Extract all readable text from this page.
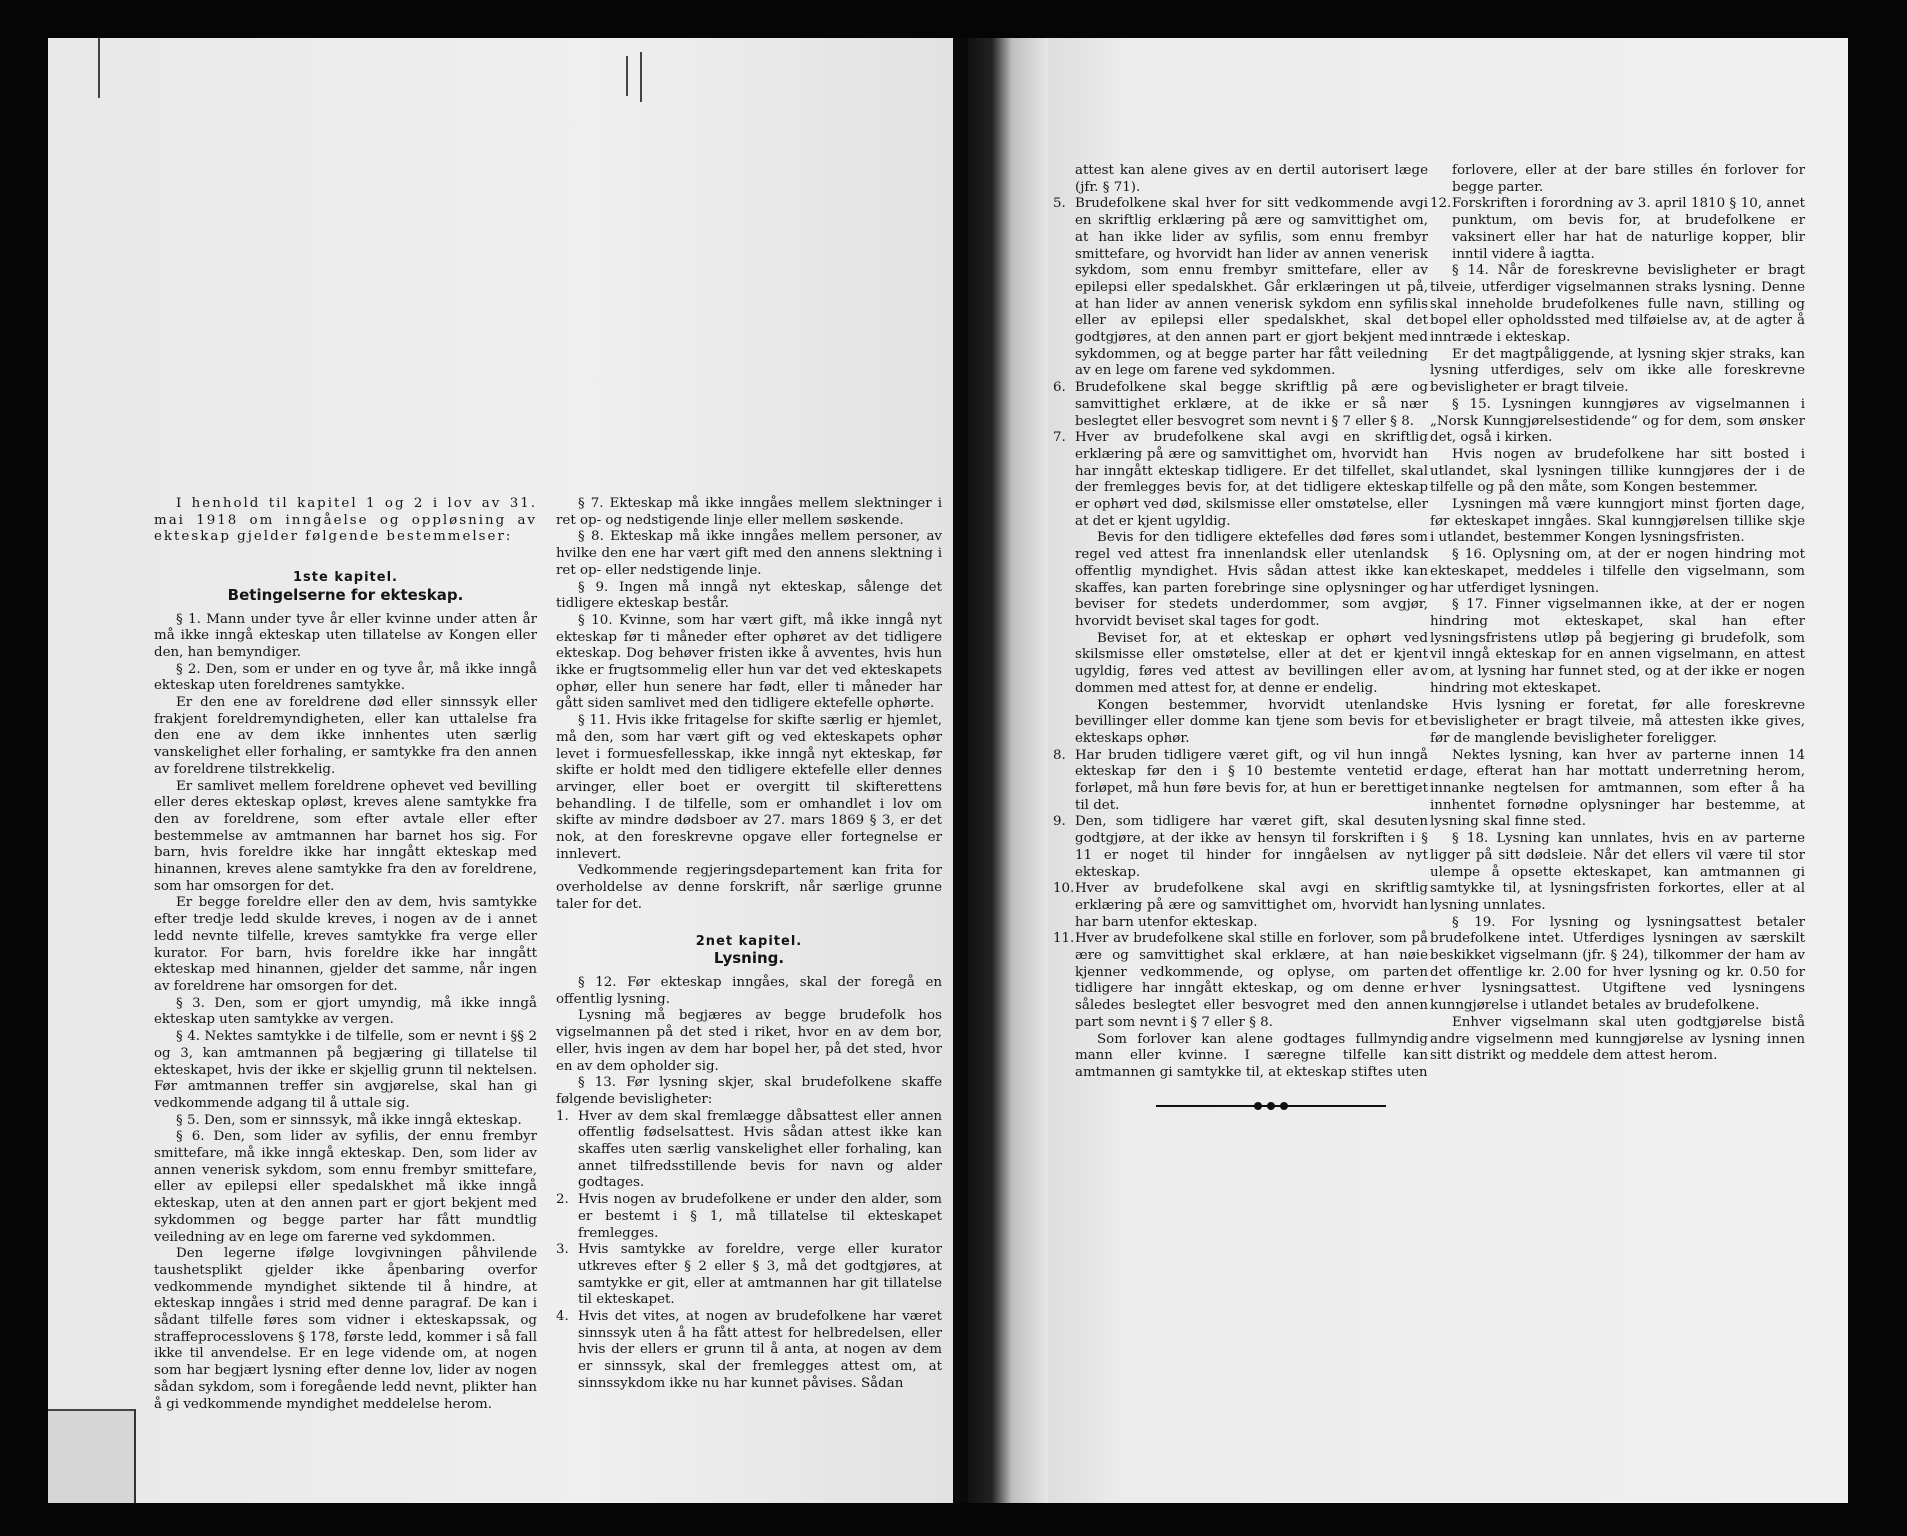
I henhold til kapitel 1 og 2 i lov av 31. mai 1918 om inngåelse og oppløsning av ekteskap gjelder følgende bestemmelser:

1ste kapitel.
Betingelserne for ekteskap.

§ 1. Mann under tyve år eller kvinne under atten år må ikke inngå ekteskap uten tillatelse av Kongen eller den, han bemyndiger.

§ 2. Den, som er under en og tyve år, må ikke inngå ekteskap uten foreldrenes samtykke.

Er den ene av foreldrene død eller sinnssyk eller frakjent foreldremyndigheten, eller kan uttalelse fra den ene av dem ikke innhentes uten særlig vanskelighet eller forhaling, er samtykke fra den annen av foreldrene tilstrekkelig.

Er samlivet mellem foreldrene ophevet ved bevilling eller deres ekteskap opløst, kreves alene samtykke fra den av foreldrene, som efter avtale eller efter bestemmelse av amtmannen har barnet hos sig. For barn, hvis foreldre ikke har inngått ekteskap med hinannen, kreves alene samtykke fra den av foreldrene, som har omsorgen for det.

Er begge foreldre eller den av dem, hvis samtykke efter tredje ledd skulde kreves, i nogen av de i annet ledd nevnte tilfelle, kreves samtykke fra verge eller kurator. For barn, hvis foreldre ikke har inngått ekteskap med hinannen, gjelder det samme, når ingen av foreldrene har omsorgen for det.

§ 3. Den, som er gjort umyndig, må ikke inngå ekteskap uten samtykke av vergen.

§ 4. Nektes samtykke i de tilfelle, som er nevnt i §§ 2 og 3, kan amtmannen på begjæring gi tillatelse til ekteskapet, hvis der ikke er skjellig grunn til nektelsen. Før amtmannen treffer sin avgjørelse, skal han gi vedkommende adgang til å uttale sig.

§ 5. Den, som er sinnssyk, må ikke inngå ekteskap.

§ 6. Den, som lider av syfilis, der ennu frembyr smittefare, må ikke inngå ekteskap. Den, som lider av annen venerisk sykdom, som ennu frembyr smittefare, eller av epilepsi eller spedalskhet må ikke inngå ekteskap, uten at den annen part er gjort bekjent med sykdommen og begge parter har fått mundtlig veiledning av en lege om farerne ved sykdommen.

Den legerne ifølge lovgivningen påhvilende taushetsplikt gjelder ikke åpenbaring overfor vedkommende myndighet siktende til å hindre, at ekteskap inngåes i strid med denne paragraf. De kan i sådant tilfelle føres som vidner i ekteskapssak, og straffeprocesslovens § 178, første ledd, kommer i så fall ikke til anvendelse. Er en lege vidende om, at nogen som har begjært lysning efter denne lov, lider av nogen sådan sykdom, som i foregående ledd nevnt, plikter han å gi vedkommende myndighet meddelelse herom.

§ 7. Ekteskap må ikke inngåes mellem slektninger i ret op- og nedstigende linje eller mellem søskende.

§ 8. Ekteskap må ikke inngåes mellem personer, av hvilke den ene har vært gift med den annens slektning i ret op- eller nedstigende linje.

§ 9. Ingen må inngå nyt ekteskap, sålenge det tidligere ekteskap består.

§ 10. Kvinne, som har vært gift, må ikke inngå nyt ekteskap før ti måneder efter ophøret av det tidligere ekteskap. Dog behøver fristen ikke å avventes, hvis hun ikke er frugtsommelig eller hun var det ved ekteskapets ophør, eller hun senere har født, eller ti måneder har gått siden samlivet med den tidligere ektefelle ophørte.

§ 11. Hvis ikke fritagelse for skifte særlig er hjemlet, må den, som har vært gift og ved ekteskapets ophør levet i formuesfellesskap, ikke inngå nyt ekteskap, før skifte er holdt med den tidligere ektefelle eller dennes arvinger, eller boet er overgitt til skifterettens behandling. I de tilfelle, som er omhandlet i lov om skifte av mindre dødsboer av 27. mars 1869 § 3, er det nok, at den foreskrevne opgave eller fortegnelse er innlevert.

Vedkommende regjeringsdepartement kan frita for overholdelse av denne forskrift, når særlige grunne taler for det.

2net kapitel.
Lysning.

§ 12. Før ekteskap inngåes, skal der foregå en offentlig lysning.

Lysning må begjæres av begge brudefolk hos vigselmannen på det sted i riket, hvor en av dem bor, eller, hvis ingen av dem har bopel her, på det sted, hvor en av dem opholder sig.

§ 13. Før lysning skjer, skal brudefolkene skaffe følgende bevisligheter:

1. Hver av dem skal fremlægge dåbsattest eller annen offentlig fødselsattest. Hvis sådan attest ikke kan skaffes uten særlig vanskelighet eller forhaling, kan annet tilfredsstillende bevis for navn og alder godtages.
2. Hvis nogen av brudefolkene er under den alder, som er bestemt i § 1, må tillatelse til ekteskapet fremlegges.
3. Hvis samtykke av foreldre, verge eller kurator utkreves efter § 2 eller § 3, må det godtgjøres, at samtykke er git, eller at amtmannen har git tillatelse til ekteskapet.
4. Hvis det vites, at nogen av brudefolkene har været sinnssyk uten å ha fått attest for helbredelsen, eller hvis der ellers er grunn til å anta, at nogen av dem er sinnssyk, skal der fremlegges attest om, at sinnssykdom ikke nu har kunnet påvises. Sådan

attest kan alene gives av en dertil autorisert læge (jfr. § 71).

5. Brudefolkene skal hver for sitt vedkommende avgi en skriftlig erklæring på ære og samvittighet om, at han ikke lider av syfilis, som ennu frembyr smittefare, og hvorvidt han lider av annen venerisk sykdom, som ennu frembyr smittefare, eller av epilepsi eller spedalskhet. Går erklæringen ut på, at han lider av annen venerisk sykdom enn syfilis eller av epilepsi eller spedalskhet, skal det godtgjøres, at den annen part er gjort bekjent med sykdommen, og at begge parter har fått veiledning av en lege om farene ved sykdommen.
6. Brudefolkene skal begge skriftlig på ære og samvittighet erklære, at de ikke er så nær beslegtet eller besvogret som nevnt i § 7 eller § 8.
7. Hver av brudefolkene skal avgi en skriftlig erklæring på ære og samvittighet om, hvorvidt han har inngått ekteskap tidligere. Er det tilfellet, skal der fremlegges bevis for, at det tidligere ekteskap er ophørt ved død, skilsmisse eller omstøtelse, eller at det er kjent ugyldig.

Bevis for den tidligere ektefelles død føres som regel ved attest fra innenlandsk eller utenlandsk offentlig myndighet. Hvis sådan attest ikke kan skaffes, kan parten forebringe sine oplysninger og beviser for stedets underdommer, som avgjør, hvorvidt beviset skal tages for godt.

Beviset for, at et ekteskap er ophørt ved skilsmisse eller omstøtelse, eller at det er kjent ugyldig, føres ved attest av bevillingen eller av dommen med attest for, at denne er endelig.

Kongen bestemmer, hvorvidt utenlandske bevillinger eller domme kan tjene som bevis for et ekteskaps ophør.

8. Har bruden tidligere været gift, og vil hun inngå ekteskap før den i § 10 bestemte ventetid er forløpet, må hun føre bevis for, at hun er berettiget til det.
9. Den, som tidligere har været gift, skal desuten godtgjøre, at der ikke av hensyn til forskriften i § 11 er noget til hinder for inngåelsen av nyt ekteskap.
10. Hver av brudefolkene skal avgi en skriftlig erklæring på ære og samvittighet om, hvorvidt han har barn utenfor ekteskap.
11. Hver av brudefolkene skal stille en forlover, som på ære og samvittighet skal erklære, at han nøie kjenner vedkommende, og oplyse, om parten tidligere har inngått ekteskap, og om denne er således beslegtet eller besvogret med den annen part som nevnt i § 7 eller § 8.

Som forlover kan alene godtages fullmyndig mann eller kvinne. I særegne tilfelle kan amtmannen gi samtykke til, at ekteskap stiftes uten

forlovere, eller at der bare stilles én forlover for begge parter.

12. Forskriften i forordning av 3. april 1810 § 10, annet punktum, om bevis for, at brudefolkene er vaksinert eller har hat de naturlige kopper, blir inntil videre å iagtta.

§ 14. Når de foreskrevne bevisligheter er bragt tilveie, utferdiger vigselmannen straks lysning. Denne skal inneholde brudefolkenes fulle navn, stilling og bopel eller opholdssted med tilføielse av, at de agter å inntræde i ekteskap.

Er det magtpåliggende, at lysning skjer straks, kan lysning utferdiges, selv om ikke alle foreskrevne bevisligheter er bragt tilveie.

§ 15. Lysningen kunngjøres av vigselmannen i „Norsk Kunngjørelsestidende“ og for dem, som ønsker det, også i kirken.

Hvis nogen av brudefolkene har sitt bosted i utlandet, skal lysningen tillike kunngjøres der i de tilfelle og på den måte, som Kongen bestemmer.

Lysningen må være kunngjort minst fjorten dage, før ekteskapet inngåes. Skal kunngjørelsen tillike skje i utlandet, bestemmer Kongen lysningsfristen.

§ 16. Oplysning om, at der er nogen hindring mot ekteskapet, meddeles i tilfelle den vigselmann, som har utferdiget lysningen.

§ 17. Finner vigselmannen ikke, at der er nogen hindring mot ekteskapet, skal han efter lysningsfristens utløp på begjering gi brudefolk, som vil inngå ekteskap for en annen vigselmann, en attest om, at lysning har funnet sted, og at der ikke er nogen hindring mot ekteskapet.

Hvis lysning er foretat, før alle foreskrevne bevisligheter er bragt tilveie, må attesten ikke gives, før de manglende bevisligheter foreligger.

Nektes lysning, kan hver av parterne innen 14 dage, efterat han har mottatt underretning herom, innanke negtelsen for amtmannen, som efter å ha innhentet fornødne oplysninger har bestemme, at lysning skal finne sted.

§ 18. Lysning kan unnlates, hvis en av parterne ligger på sitt dødsleie. Når det ellers vil være til stor ulempe å opsette ekteskapet, kan amtmannen gi samtykke til, at lysningsfristen forkortes, eller at al lysning unnlates.

§ 19. For lysning og lysningsattest betaler brudefolkene intet. Utferdiges lysningen av særskilt beskikket vigselmann (jfr. § 24), tilkommer der ham av det offentlige kr. 2.00 for hver lysning og kr. 0.50 for hver lysningsattest. Utgiftene ved lysningens kunngjørelse i utlandet betales av brudefolkene.

Enhver vigselmann skal uten godtgjørelse bistå andre vigselmenn med kunngjørelse av lysning innen sitt distrikt og meddele dem attest herom.
